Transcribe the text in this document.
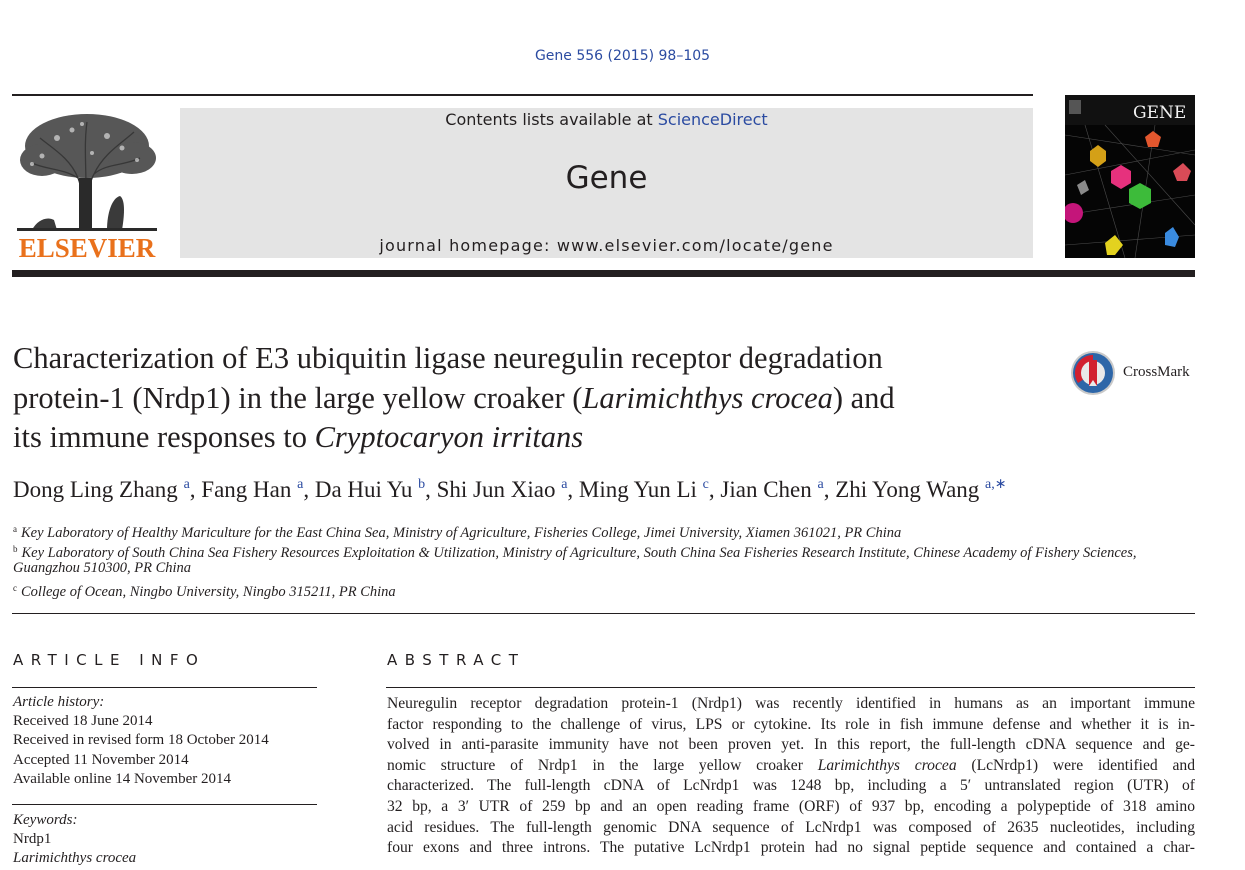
Gene 556 (2015) 98–105
ELSEVIER
Contents lists available at ScienceDirect
Gene
journal homepage: www.elsevier.com/locate/gene
GENE
Characterization of E3 ubiquitin ligase neuregulin receptor degradation
protein-1 (Nrdp1) in the large yellow croaker (Larimichthys crocea) and
its immune responses to Cryptocaryon irritans
CrossMark
Dong Ling Zhang $^a$, Fang Han $^a$, Da Hui Yu $^b$, Shi Jun Xiao $^a$, Ming Yun Li $^c$, Jian Chen $^a$, Zhi Yong Wang $^{a,∗}$
$^a$ Key Laboratory of Healthy Mariculture for the East China Sea, Ministry of Agriculture, Fisheries College, Jimei University, Xiamen 361021, PR China
$^b$ Key Laboratory of South China Sea Fishery Resources Exploitation & Utilization, Ministry of Agriculture, South China Sea Fisheries Research Institute, Chinese Academy of Fishery Sciences,
Guangzhou 510300, PR China
$^c$ College of Ocean, Ningbo University, Ningbo 315211, PR China
ARTICLE INFO	ABSTRACT
Article history:
Received 18 June 2014
Received in revised form 18 October 2014
Accepted 11 November 2014
Available online 14 November 2014
Keywords:
Nrdp1
Larimichthys crocea
Neuregulin receptor degradation protein-1 (Nrdp1) was recently identified in humans as an important immune
factor responding to the challenge of virus, LPS or cytokine. Its role in fish immune defense and whether it is in-
volved in anti-parasite immunity have not been proven yet. In this report, the full-length cDNA sequence and ge-
nomic structure of Nrdp1 in the large yellow croaker Larimichthys crocea (LcNrdp1) were identified and
characterized. The full-length cDNA of LcNrdp1 was 1248 bp, including a 5′ untranslated region (UTR) of
32 bp, a 3′ UTR of 259 bp and an open reading frame (ORF) of 937 bp, encoding a polypeptide of 318 amino
acid residues. The full-length genomic DNA sequence of LcNrdp1 was composed of 2635 nucleotides, including
four exons and three introns. The putative LcNrdp1 protein had no signal peptide sequence and contained a char-
